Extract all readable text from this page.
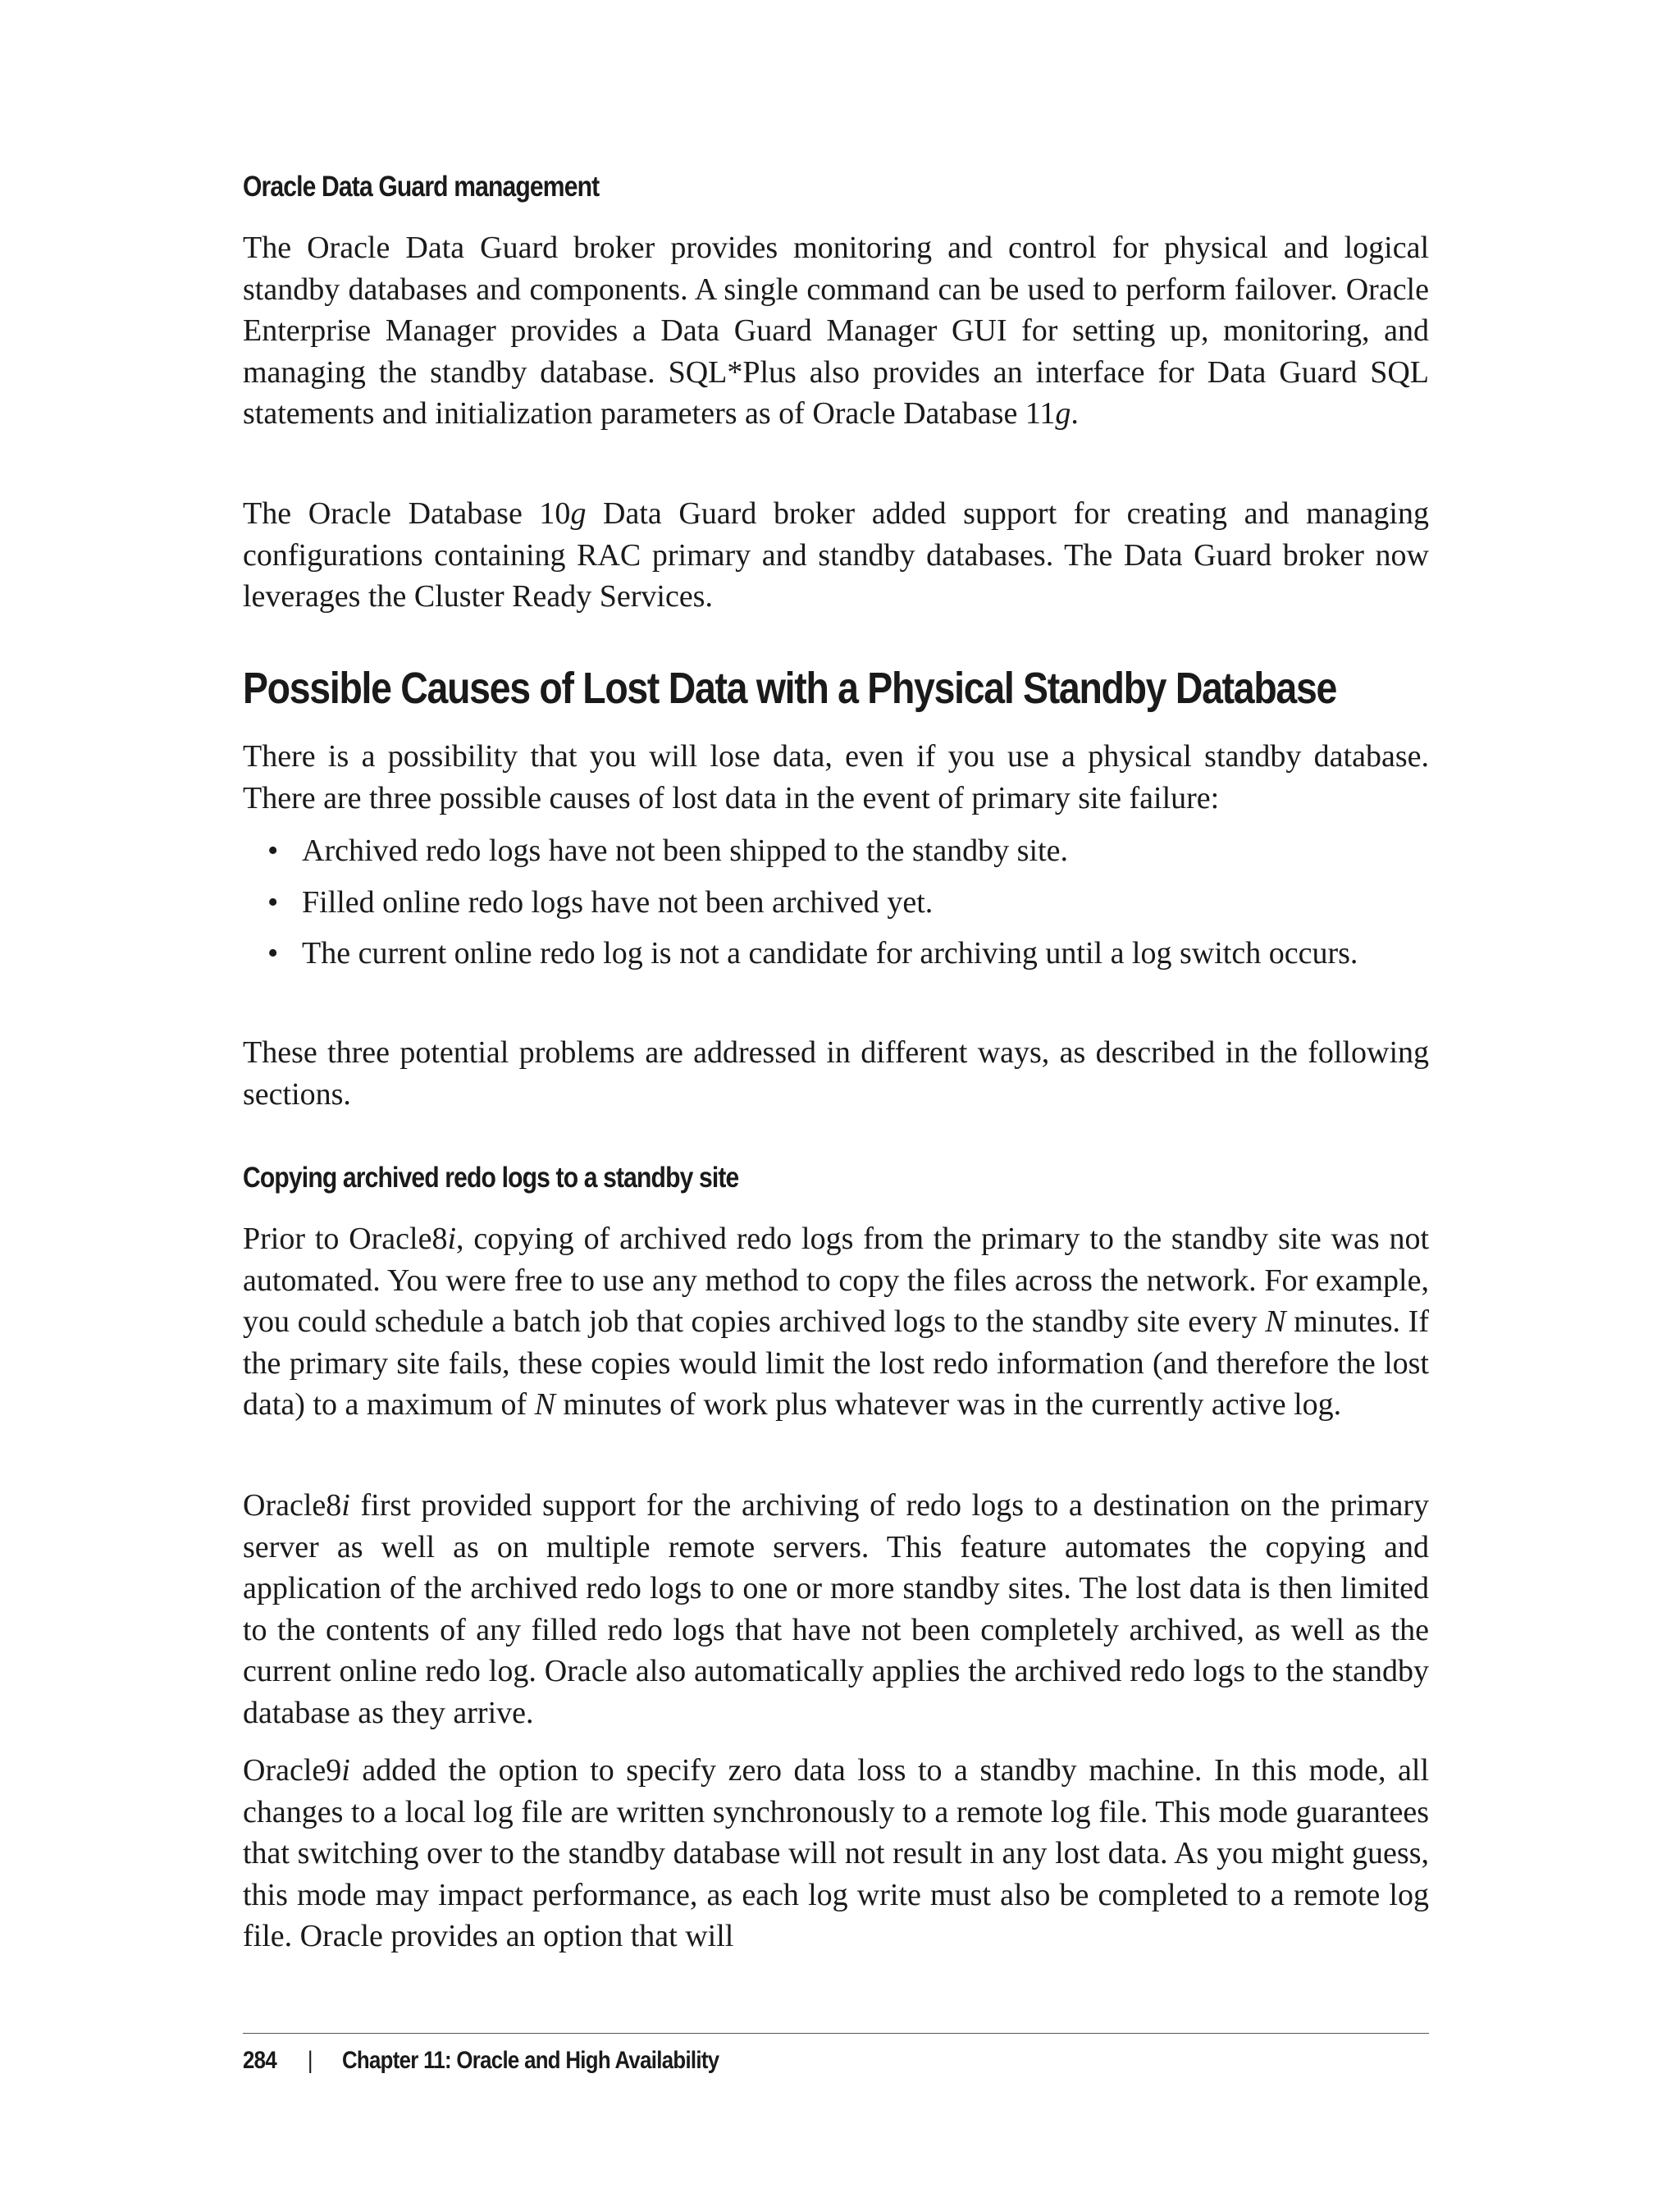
Oracle Data Guard management

The Oracle Data Guard broker provides monitoring and control for physical and logical standby databases and components. A single command can be used to perform failover. Oracle Enterprise Manager provides a Data Guard Manager GUI for setting up, monitoring, and managing the standby database. SQL*Plus also provides an interface for Data Guard SQL statements and initialization parameters as of Oracle Database 11g.

The Oracle Database 10g Data Guard broker added support for creating and managing configurations containing RAC primary and standby databases. The Data Guard broker now leverages the Cluster Ready Services.

Possible Causes of Lost Data with a Physical Standby Database

There is a possibility that you will lose data, even if you use a physical standby database. There are three possible causes of lost data in the event of primary site failure:

• Archived redo logs have not been shipped to the standby site.
• Filled online redo logs have not been archived yet.
• The current online redo log is not a candidate for archiving until a log switch occurs.

These three potential problems are addressed in different ways, as described in the following sections.

Copying archived redo logs to a standby site

Prior to Oracle8i, copying of archived redo logs from the primary to the standby site was not automated. You were free to use any method to copy the files across the network. For example, you could schedule a batch job that copies archived logs to the standby site every N minutes. If the primary site fails, these copies would limit the lost redo information (and therefore the lost data) to a maximum of N minutes of work plus whatever was in the currently active log.

Oracle8i first provided support for the archiving of redo logs to a destination on the primary server as well as on multiple remote servers. This feature automates the copying and application of the archived redo logs to one or more standby sites. The lost data is then limited to the contents of any filled redo logs that have not been completely archived, as well as the current online redo log. Oracle also automatically applies the archived redo logs to the standby database as they arrive.

Oracle9i added the option to specify zero data loss to a standby machine. In this mode, all changes to a local log file are written synchronously to a remote log file. This mode guarantees that switching over to the standby database will not result in any lost data. As you might guess, this mode may impact performance, as each log write must also be completed to a remote log file. Oracle provides an option that will

284 | Chapter 11: Oracle and High Availability
